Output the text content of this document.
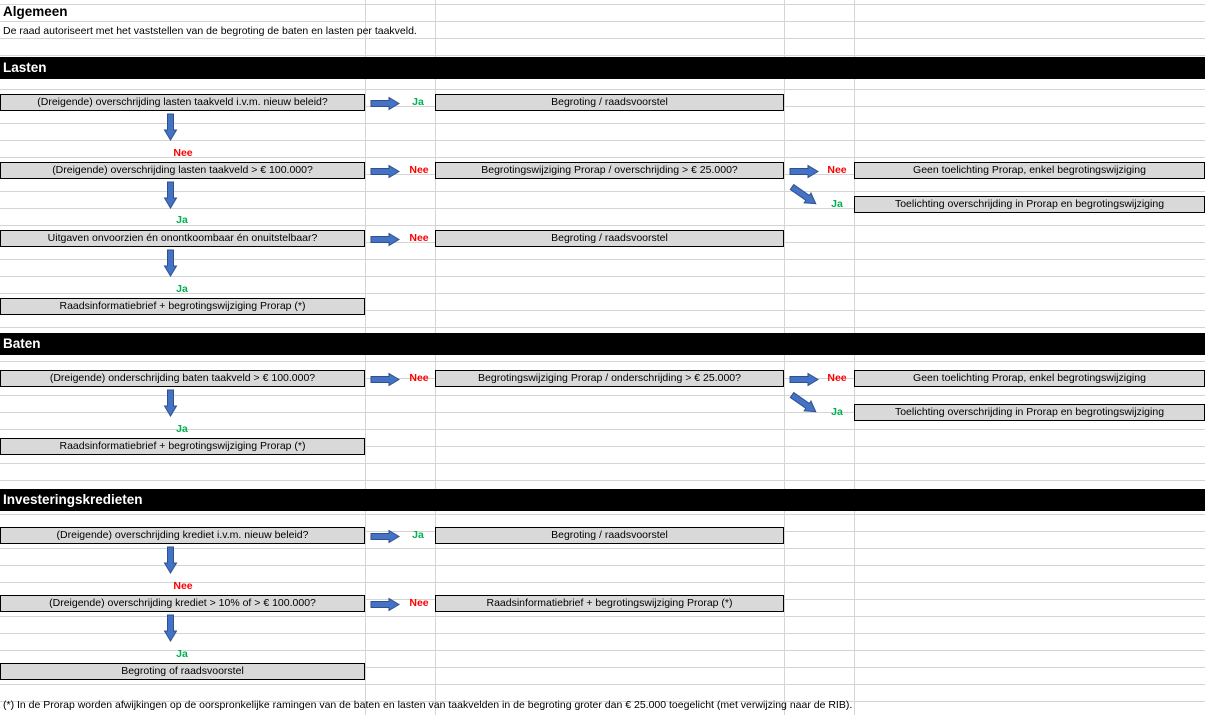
Algemeen
De raad autoriseert met het vaststellen van de begroting de baten en lasten per taakveld.
Lasten
(Dreigende) overschrijding lasten taakveld i.v.m. nieuw beleid?	Ja	Begroting / raadsvoorstel
Nee
(Dreigende) overschrijding lasten taakveld > € 100.000?	Nee	Begrotingswijziging Prorap / overschrijding > € 25.000?	Nee	Geen toelichting Prorap, enkel begrotingswijziging
Ja	Toelichting overschrijding in Prorap en begrotingswijziging
Ja
Uitgaven onvoorzien én onontkoombaar én onuitstelbaar?	Nee	Begroting / raadsvoorstel
Ja
Raadsinformatiebrief + begrotingswijziging Prorap (*)
Baten
(Dreigende) onderschrijding baten taakveld > € 100.000?	Nee	Begrotingswijziging Prorap / onderschrijding > € 25.000?	Nee	Geen toelichting Prorap, enkel begrotingswijziging
Ja	Toelichting overschrijding in Prorap en begrotingswijziging
Ja
Raadsinformatiebrief + begrotingswijziging Prorap (*)
Investeringskredieten
(Dreigende) overschrijding krediet i.v.m. nieuw beleid?	Ja	Begroting / raadsvoorstel
Nee
(Dreigende) overschrijding krediet > 10% of > € 100.000?	Nee	Raadsinformatiebrief + begrotingswijziging Prorap (*)
Ja
Begroting of raadsvoorstel
(*) In de Prorap worden afwijkingen op de oorspronkelijke ramingen van de baten en lasten van taakvelden in de begroting groter dan € 25.000 toegelicht (met verwijzing naar de RIB).
